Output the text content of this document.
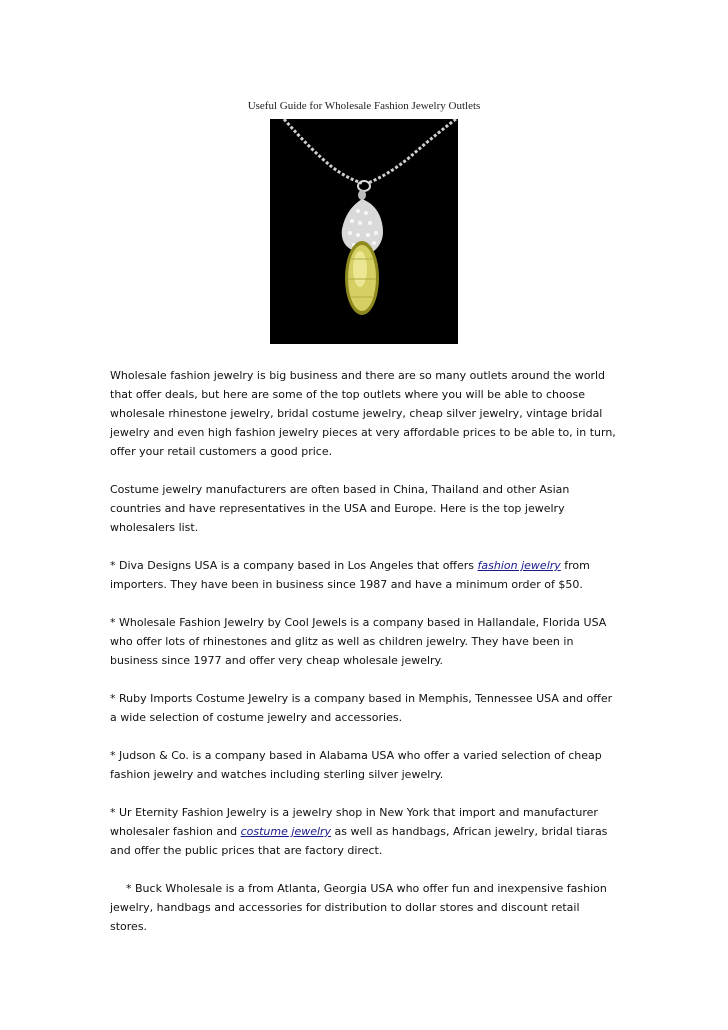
Useful Guide for Wholesale Fashion Jewelry Outlets

Wholesale fashion jewelry is big business and there are so many outlets around the world that offer deals, but here are some of the top outlets where you will be able to choose wholesale rhinestone jewelry, bridal costume jewelry, cheap silver jewelry, vintage bridal jewelry and even high fashion jewelry pieces at very affordable prices to be able to, in turn, offer your retail customers a good price.

Costume jewelry manufacturers are often based in China, Thailand and other Asian countries and have representatives in the USA and Europe. Here is the top jewelry wholesalers list.

* Diva Designs USA is a company based in Los Angeles that offers fashion jewelry from importers. They have been in business since 1987 and have a minimum order of $50.

* Wholesale Fashion Jewelry by Cool Jewels is a company based in Hallandale, Florida USA who offer lots of rhinestones and glitz as well as children jewelry. They have been in business since 1977 and offer very cheap wholesale jewelry.

* Ruby Imports Costume Jewelry is a company based in Memphis, Tennessee USA and offer a wide selection of costume jewelry and accessories.

* Judson & Co. is a company based in Alabama USA who offer a varied selection of cheap fashion jewelry and watches including sterling silver jewelry.

* Ur Eternity Fashion Jewelry is a jewelry shop in New York that import and manufacturer wholesaler fashion and costume jewelry as well as handbags, African jewelry, bridal tiaras and offer the public prices that are factory direct.

* Buck Wholesale is a from Atlanta, Georgia USA who offer fun and inexpensive fashion jewelry, handbags and accessories for distribution to dollar stores and discount retail stores.
